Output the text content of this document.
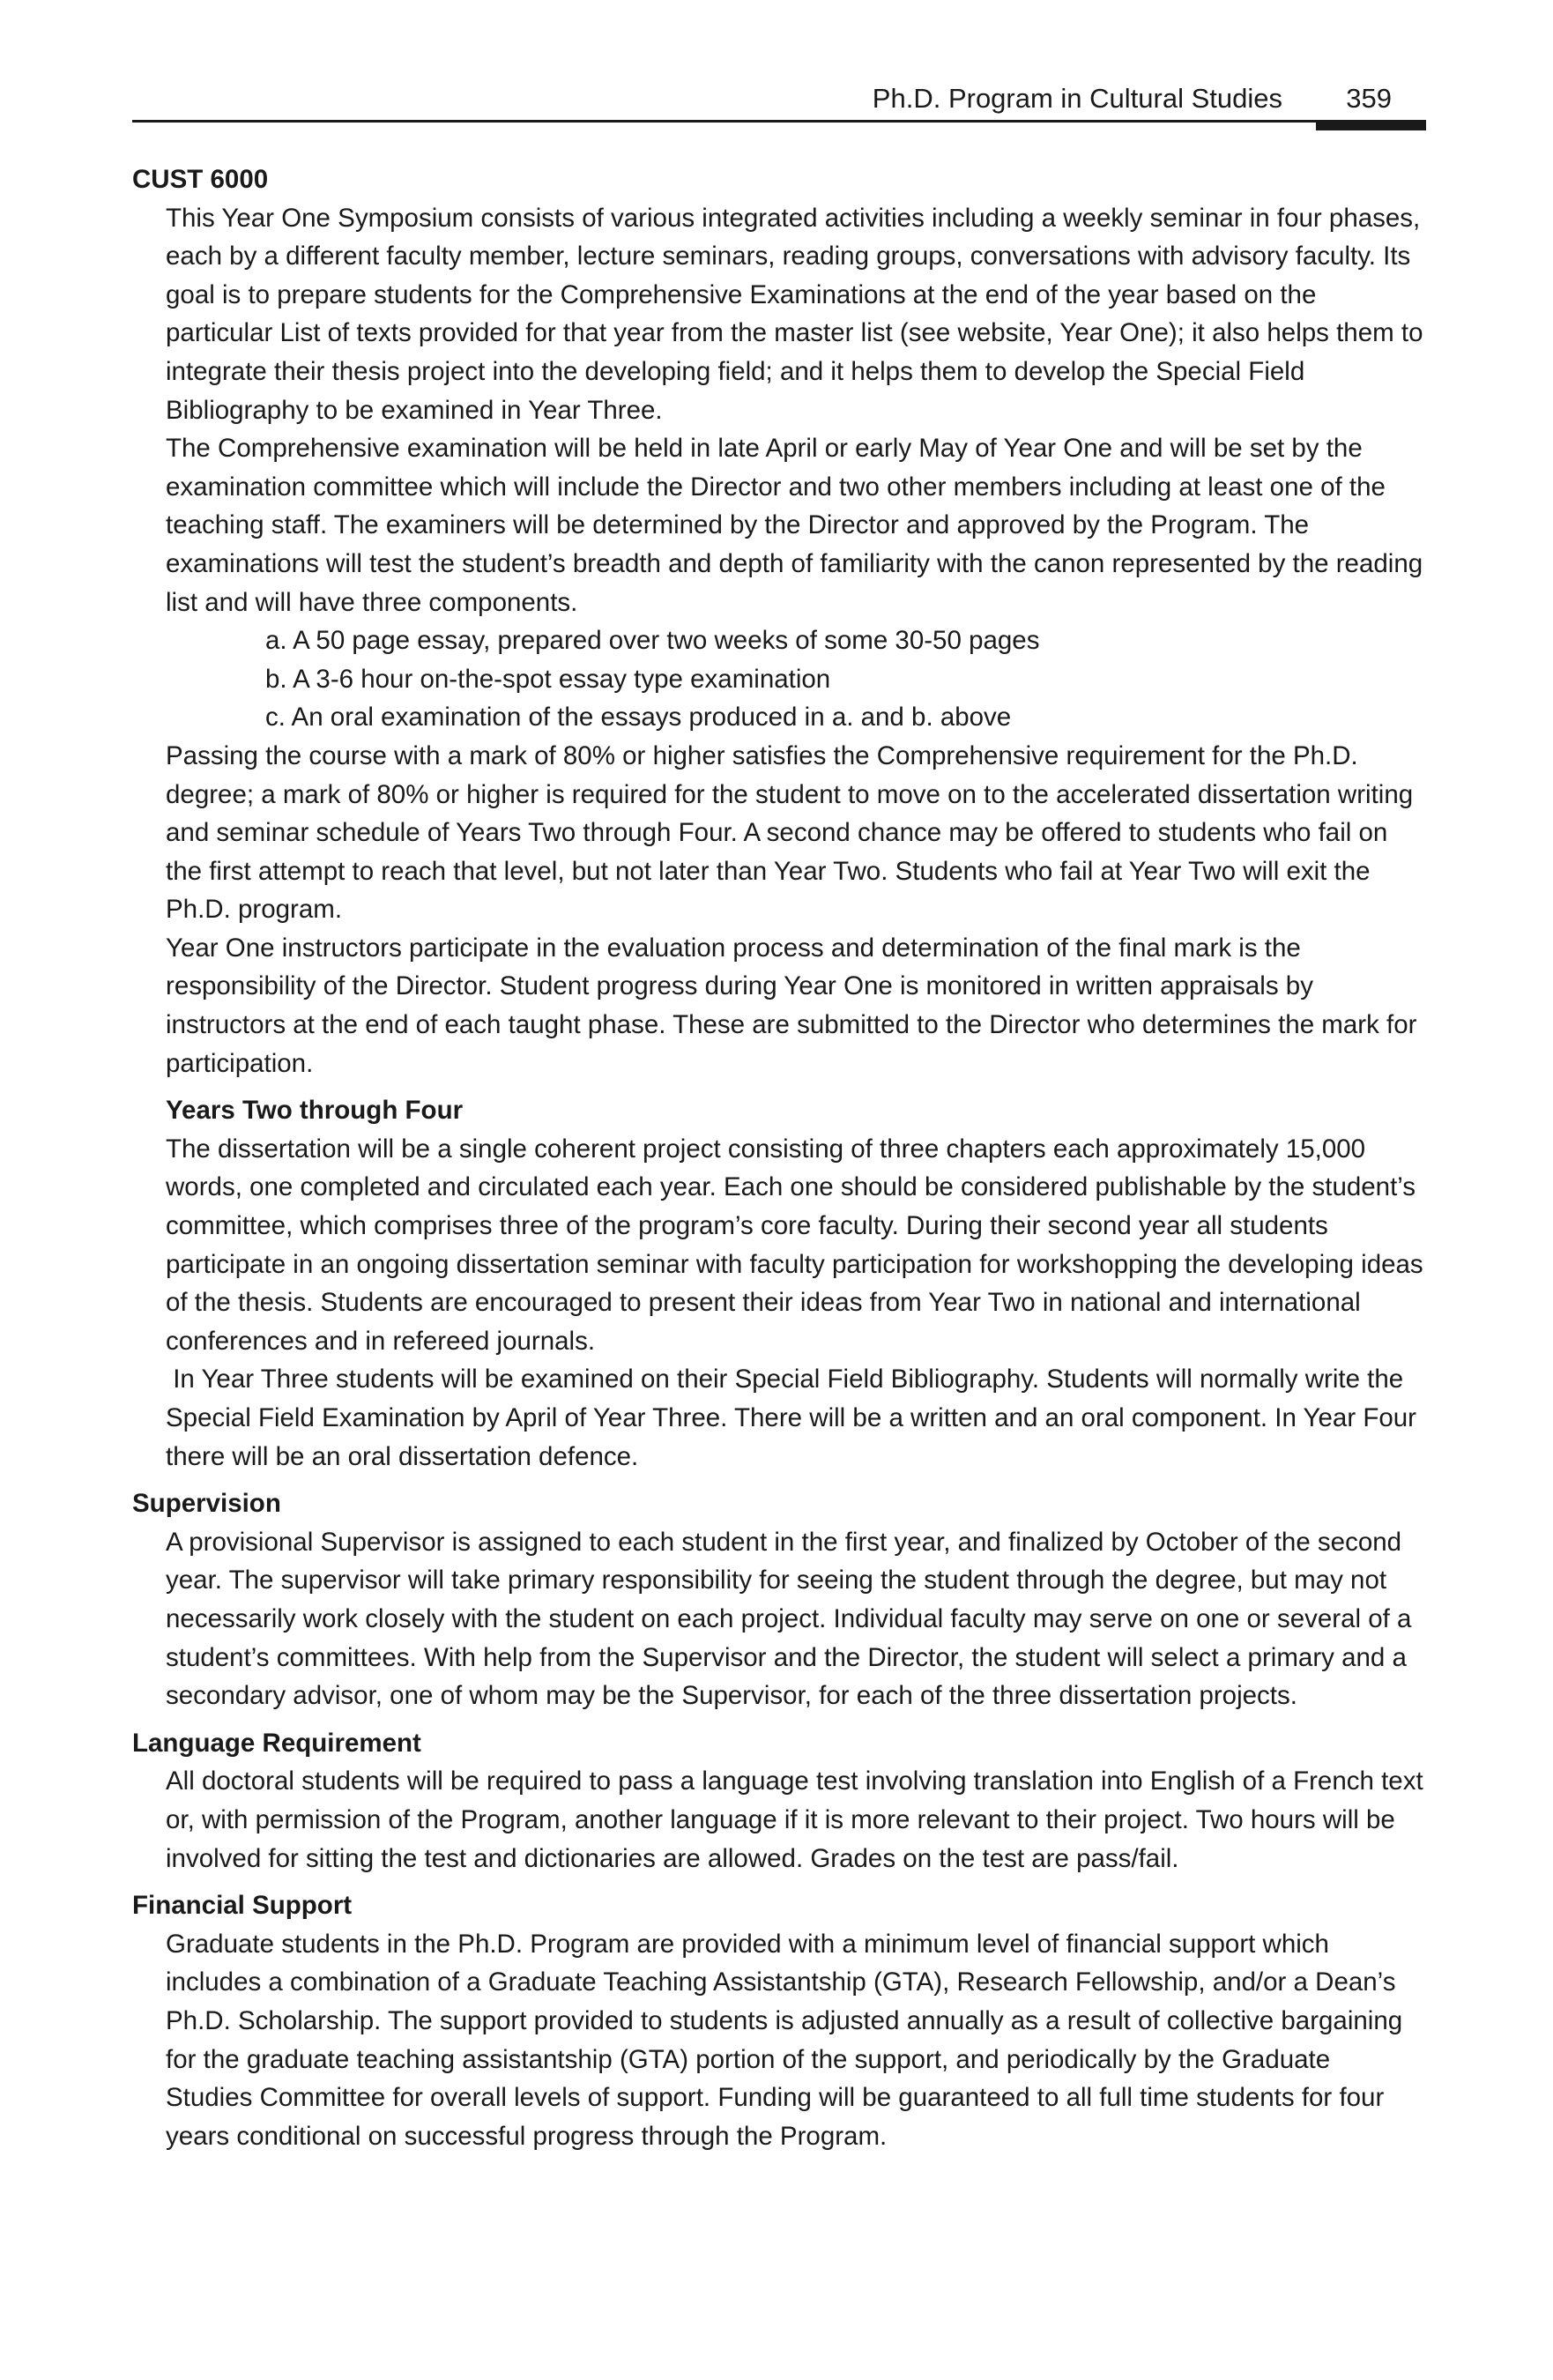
Ph.D. Program in Cultural Studies 359

CUST 6000

This Year One Symposium consists of various integrated activities including a weekly seminar in four phases, each by a different faculty member, lecture seminars, reading groups, conversations with advisory faculty. Its goal is to prepare students for the Comprehensive Examinations at the end of the year based on the particular List of texts provided for that year from the master list (see website, Year One); it also helps them to integrate their thesis project into the developing field; and it helps them to develop the Special Field Bibliography to be examined in Year Three.

The Comprehensive examination will be held in late April or early May of Year One and will be set by the examination committee which will include the Director and two other members including at least one of the teaching staff. The examiners will be determined by the Director and approved by the Program. The examinations will test the student’s breadth and depth of familiarity with the canon represented by the reading list and will have three components.

a. A 50 page essay, prepared over two weeks of some 30-50 pages

b. A 3-6 hour on-the-spot essay type examination

c. An oral examination of the essays produced in a. and b. above

Passing the course with a mark of 80% or higher satisfies the Comprehensive requirement for the Ph.D. degree; a mark of 80% or higher is required for the student to move on to the accelerated dissertation writing and seminar schedule of Years Two through Four. A second chance may be offered to students who fail on the first attempt to reach that level, but not later than Year Two. Students who fail at Year Two will exit the Ph.D. program.

Year One instructors participate in the evaluation process and determination of the final mark is the responsibility of the Director. Student progress during Year One is monitored in written appraisals by instructors at the end of each taught phase. These are submitted to the Director who determines the mark for participation.

Years Two through Four

The dissertation will be a single coherent project consisting of three chapters each approximately 15,000 words, one completed and circulated each year. Each one should be considered publishable by the student’s committee, which comprises three of the program’s core faculty. During their second year all students participate in an ongoing dissertation seminar with faculty participation for workshopping the developing ideas of the thesis. Students are encouraged to present their ideas from Year Two in national and international conferences and in refereed journals.

In Year Three students will be examined on their Special Field Bibliography. Students will normally write the Special Field Examination by April of Year Three. There will be a written and an oral component. In Year Four there will be an oral dissertation defence.

Supervision

A provisional Supervisor is assigned to each student in the first year, and finalized by October of the second year. The supervisor will take primary responsibility for seeing the student through the degree, but may not necessarily work closely with the student on each project. Individual faculty may serve on one or several of a student’s committees. With help from the Supervisor and the Director, the student will select a primary and a secondary advisor, one of whom may be the Supervisor, for each of the three dissertation projects.

Language Requirement

All doctoral students will be required to pass a language test involving translation into English of a French text or, with permission of the Program, another language if it is more relevant to their project. Two hours will be involved for sitting the test and dictionaries are allowed. Grades on the test are pass/fail.

Financial Support

Graduate students in the Ph.D. Program are provided with a minimum level of financial support which includes a combination of a Graduate Teaching Assistantship (GTA), Research Fellowship, and/or a Dean’s Ph.D. Scholarship. The support provided to students is adjusted annually as a result of collective bargaining for the graduate teaching assistantship (GTA) portion of the support, and periodically by the Graduate Studies Committee for overall levels of support. Funding will be guaranteed to all full time students for four years conditional on successful progress through the Program.
